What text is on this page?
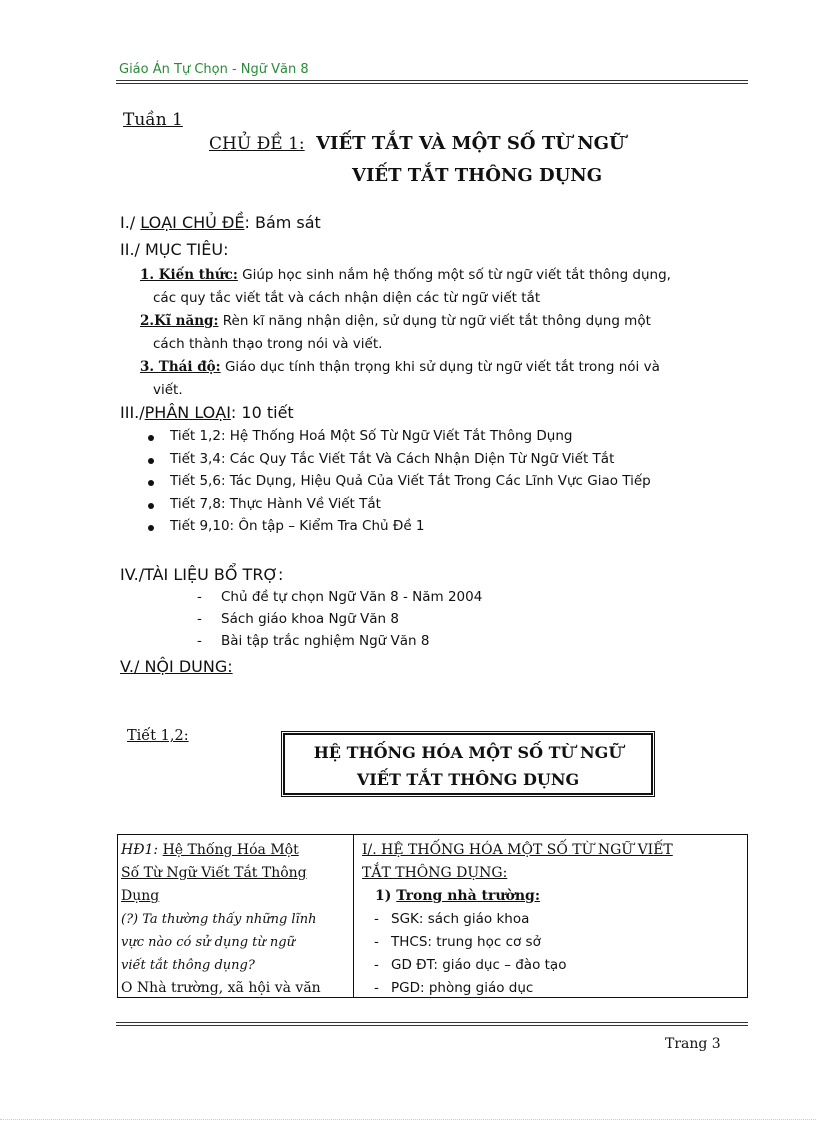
Giáo Án Tự Chọn - Ngữ Văn 8
Tuần 1
CHỦ ĐỀ 1: VIẾT TẮT VÀ MỘT SỐ TỪ NGỮ
VIẾT TẮT THÔNG DỤNG
I./ LOẠI CHỦ ĐỀ: Bám sát
II./ MỤC TIÊU:
1. Kiến thức: Giúp học sinh nắm hệ thống một số từ ngữ viết tắt thông dụng,
các quy tắc viết tắt và cách nhận diện các từ ngữ viết tắt
2.Kĩ năng: Rèn kĩ năng nhận diện, sử dụng từ ngữ viết tắt thông dụng một
cách thành thạo trong nói và viết.
3. Thái độ: Giáo dục tính thận trọng khi sử dụng từ ngữ viết tắt trong nói và
viết.
III./PHÂN LOẠI: 10 tiết
Tiết 1,2: Hệ Thống Hoá Một Số Từ Ngữ Viết Tắt Thông Dụng
Tiết 3,4: Các Quy Tắc Viết Tắt Và Cách Nhận Diện Từ Ngữ Viết Tắt
Tiết 5,6: Tác Dụng, Hiệu Quả Của Viết Tắt Trong Các Lĩnh Vực Giao Tiếp
Tiết 7,8: Thực Hành Về Viết Tắt
Tiết 9,10: Ôn tập – Kiểm Tra Chủ Đề 1
IV./TÀI LIỆU BỔ TRỢ:
- Chủ đề tự chọn Ngữ Văn 8 - Năm 2004
- Sách giáo khoa Ngữ Văn 8
- Bài tập trắc nghiệm Ngữ Văn 8
V./ NỘI DUNG:
Tiết 1,2:
HỆ THỐNG HÓA MỘT SỐ TỪ NGỮ
VIẾT TẮT THÔNG DỤNG
HĐ1: Hệ Thống Hóa Một
Số Từ Ngữ Viết Tắt Thông
Dụng
(?) Ta thường thấy những lĩnh
vực nào có sử dụng từ ngữ
viết tắt thông dụng?
O Nhà trường, xã hội và văn
I/. HỆ THỐNG HÓA MỘT SỐ TỪ NGỮ VIẾT
TẮT THÔNG DỤNG:
1) Trong nhà trường:
- SGK: sách giáo khoa
- THCS: trung học cơ sở
- GD ĐT: giáo dục – đào tạo
- PGD: phòng giáo dục
Trang 3
